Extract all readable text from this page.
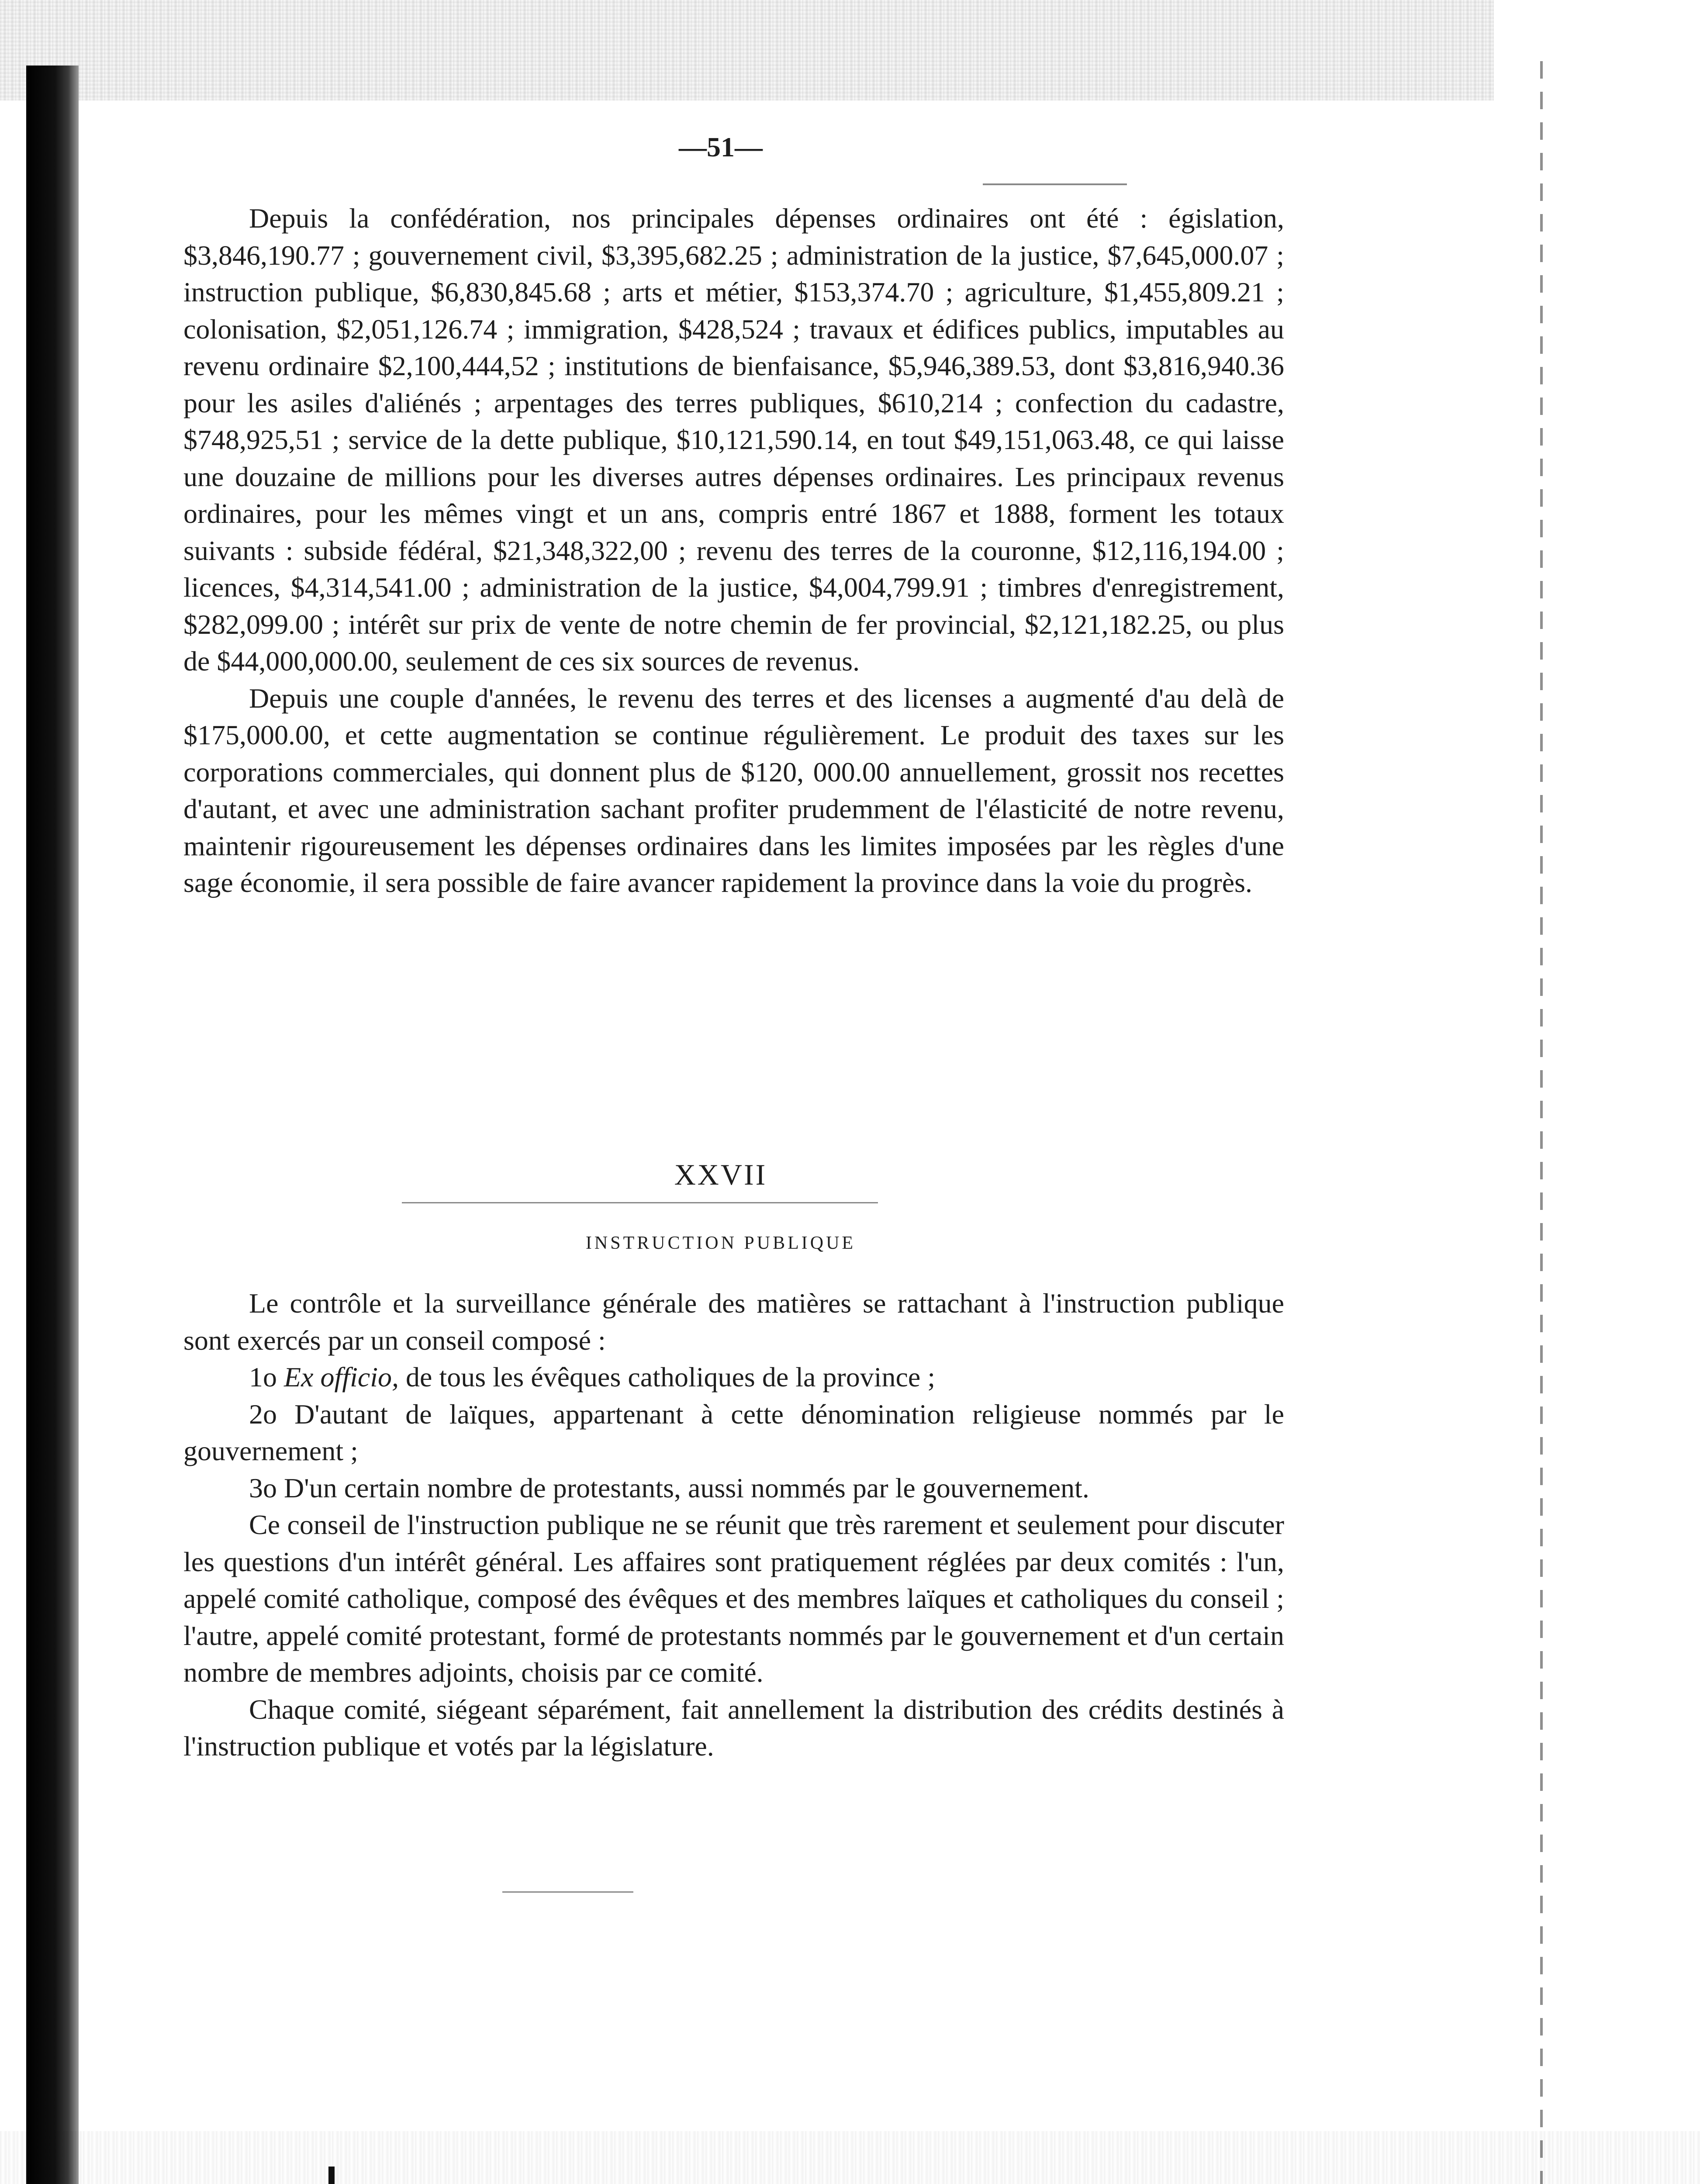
—51—

Depuis la confédération, nos principales dépenses ordinaires ont été : égislation, $3,846,190.77 ; gouvernement civil, $3,395,682.25 ; administration de la justice, $7,645,000.07 ; instruction publique, $6,830,845.68 ; arts et métier, $153,374.70 ; agriculture, $1,455,809.21 ; colonisation, $2,051,126.74 ; immigration, $428,524 ; travaux et édifices publics, imputables au revenu ordinaire $2,100,444,52 ; institutions de bienfaisance, $5,946,389.53, dont $3,816,940.36 pour les asiles d'aliénés ; arpentages des terres publiques, $610,214 ; confection du cadastre, $748,925,51 ; service de la dette publique, $10,121,590.14, en tout $49,151,063.48, ce qui laisse une douzaine de millions pour les diverses autres dépenses ordinaires. Les principaux revenus ordinaires, pour les mêmes vingt et un ans, compris entré 1867 et 1888, forment les totaux suivants : subside fédéral, $21,348,322,00 ; revenu des terres de la couronne, $12,116,194.00 ; licences, $4,314,541.00 ; administration de la justice, $4,004,799.91 ; timbres d'enregistrement, $282,099.00 ; intérêt sur prix de vente de notre chemin de fer provincial, $2,121,182.25, ou plus de $44,000,000.00, seulement de ces six sources de revenus.

Depuis une couple d'années, le revenu des terres et des licenses a augmenté d'au delà de $175,000.00, et cette augmentation se continue régulièrement. Le produit des taxes sur les corporations commerciales, qui donnent plus de $120, 000.00 annuellement, grossit nos recettes d'autant, et avec une administration sachant profiter prudemment de l'élasticité de notre revenu, maintenir rigoureusement les dépenses ordinaires dans les limites imposées par les règles d'une sage économie, il sera possible de faire avancer rapidement la province dans la voie du progrès.

XXVII
INSTRUCTION PUBLIQUE

Le contrôle et la surveillance générale des matières se rattachant à l'instruction publique sont exercés par un conseil composé :

1o Ex officio, de tous les évêques catholiques de la province ;

2o D'autant de laïques, appartenant à cette dénomination religieuse nommés par le gouvernement ;

3o D'un certain nombre de protestants, aussi nommés par le gouvernement.

Ce conseil de l'instruction publique ne se réunit que très rarement et seulement pour discuter les questions d'un intérêt général. Les affaires sont pratiquement réglées par deux comités : l'un, appelé comité catholique, composé des évêques et des membres laïques et catholiques du conseil ; l'autre, appelé comité protestant, formé de protestants nommés par le gouvernement et d'un certain nombre de membres adjoints, choisis par ce comité.

Chaque comité, siégeant séparément, fait annellement la distribution des crédits destinés à l'instruction publique et votés par la législature.
